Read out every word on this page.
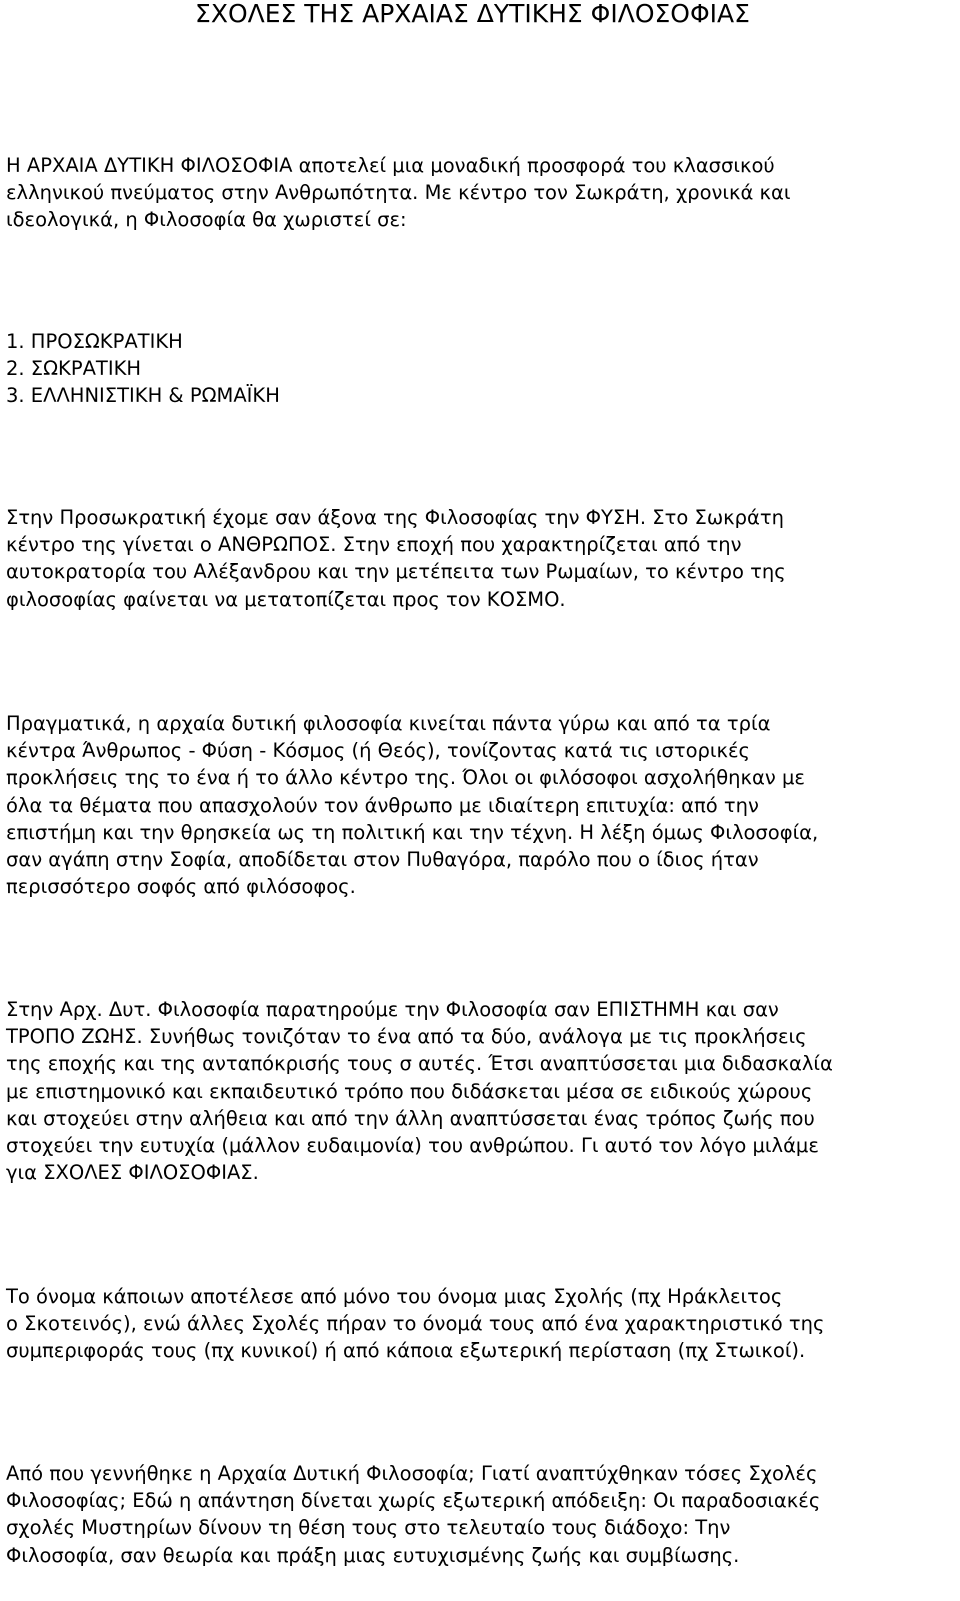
ΣΧΟΛΕΣ ΤΗΣ ΑΡΧΑΙΑΣ ΔΥΤΙΚΗΣ ΦΙΛΟΣΟΦΙΑΣ

Η ΑΡΧΑΙΑ ΔΥΤΙΚΗ ΦΙΛΟΣΟΦΙΑ αποτελεί μια μοναδική προσφορά του κλασσικού
ελληνικού πνεύματος στην Ανθρωπότητα. Με κέντρο τον Σωκράτη, χρονικά και
ιδεολογικά, η Φιλοσοφία θα χωριστεί σε:

1. ΠΡΟΣΩΚΡΑΤΙΚΗ
2. ΣΩΚΡΑΤΙΚΗ
3. ΕΛΛΗΝΙΣΤΙΚΗ & ΡΩΜΑΪΚΗ

Στην Προσωκρατική έχομε σαν άξονα της Φιλοσοφίας την ΦΥΣΗ. Στο Σωκράτη
κέντρο της γίνεται ο ΑΝΘΡΩΠΟΣ. Στην εποχή που χαρακτηρίζεται από την
αυτοκρατορία του Αλέξανδρου και την μετέπειτα των Ρωμαίων, το κέντρο της
φιλοσοφίας φαίνεται να μετατοπίζεται προς τον ΚΟΣΜΟ.

Πραγματικά, η αρχαία δυτική φιλοσοφία κινείται πάντα γύρω και από τα τρία
κέντρα Άνθρωπος - Φύση - Κόσμος (ή Θεός), τονίζοντας κατά τις ιστορικές
προκλήσεις της το ένα ή το άλλο κέντρο της. Όλοι οι φιλόσοφοι ασχολήθηκαν με
όλα τα θέματα που απασχολούν τον άνθρωπο με ιδιαίτερη επιτυχία: από την
επιστήμη και την θρησκεία ως τη πολιτική και την τέχνη. Η λέξη όμως Φιλοσοφία,
σαν αγάπη στην Σοφία, αποδίδεται στον Πυθαγόρα, παρόλο που ο ίδιος ήταν
περισσότερο σοφός από φιλόσοφος.

Στην Αρχ. Δυτ. Φιλοσοφία παρατηρούμε την Φιλοσοφία σαν ΕΠΙΣΤΗΜΗ και σαν
ΤΡΟΠΟ ΖΩΗΣ. Συνήθως τονιζόταν το ένα από τα δύο, ανάλογα με τις προκλήσεις
της εποχής και της ανταπόκρισής τους σ αυτές. Έτσι αναπτύσσεται μια διδασκαλία
με επιστημονικό και εκπαιδευτικό τρόπο που διδάσκεται μέσα σε ειδικούς χώρους
και στοχεύει στην αλήθεια και από την άλλη αναπτύσσεται ένας τρόπος ζωής που
στοχεύει την ευτυχία (μάλλον ευδαιμονία) του ανθρώπου. Γι αυτό τον λόγο μιλάμε
για ΣΧΟΛΕΣ ΦΙΛΟΣΟΦΙΑΣ.

Το όνομα κάποιων αποτέλεσε από μόνο του όνομα μιας Σχολής (πχ Ηράκλειτος
ο Σκοτεινός), ενώ άλλες Σχολές πήραν το όνομά τους από ένα χαρακτηριστικό της
συμπεριφοράς τους (πχ κυνικοί) ή από κάποια εξωτερική περίσταση (πχ Στωικοί).

Από που γεννήθηκε η Αρχαία Δυτική Φιλοσοφία; Γιατί αναπτύχθηκαν τόσες Σχολές
Φιλοσοφίας; Εδώ η απάντηση δίνεται χωρίς εξωτερική απόδειξη: Οι παραδοσιακές
σχολές Μυστηρίων δίνουν τη θέση τους στο τελευταίο τους διάδοχο: Την
Φιλοσοφία, σαν θεωρία και πράξη μιας ευτυχισμένης ζωής και συμβίωσης.
